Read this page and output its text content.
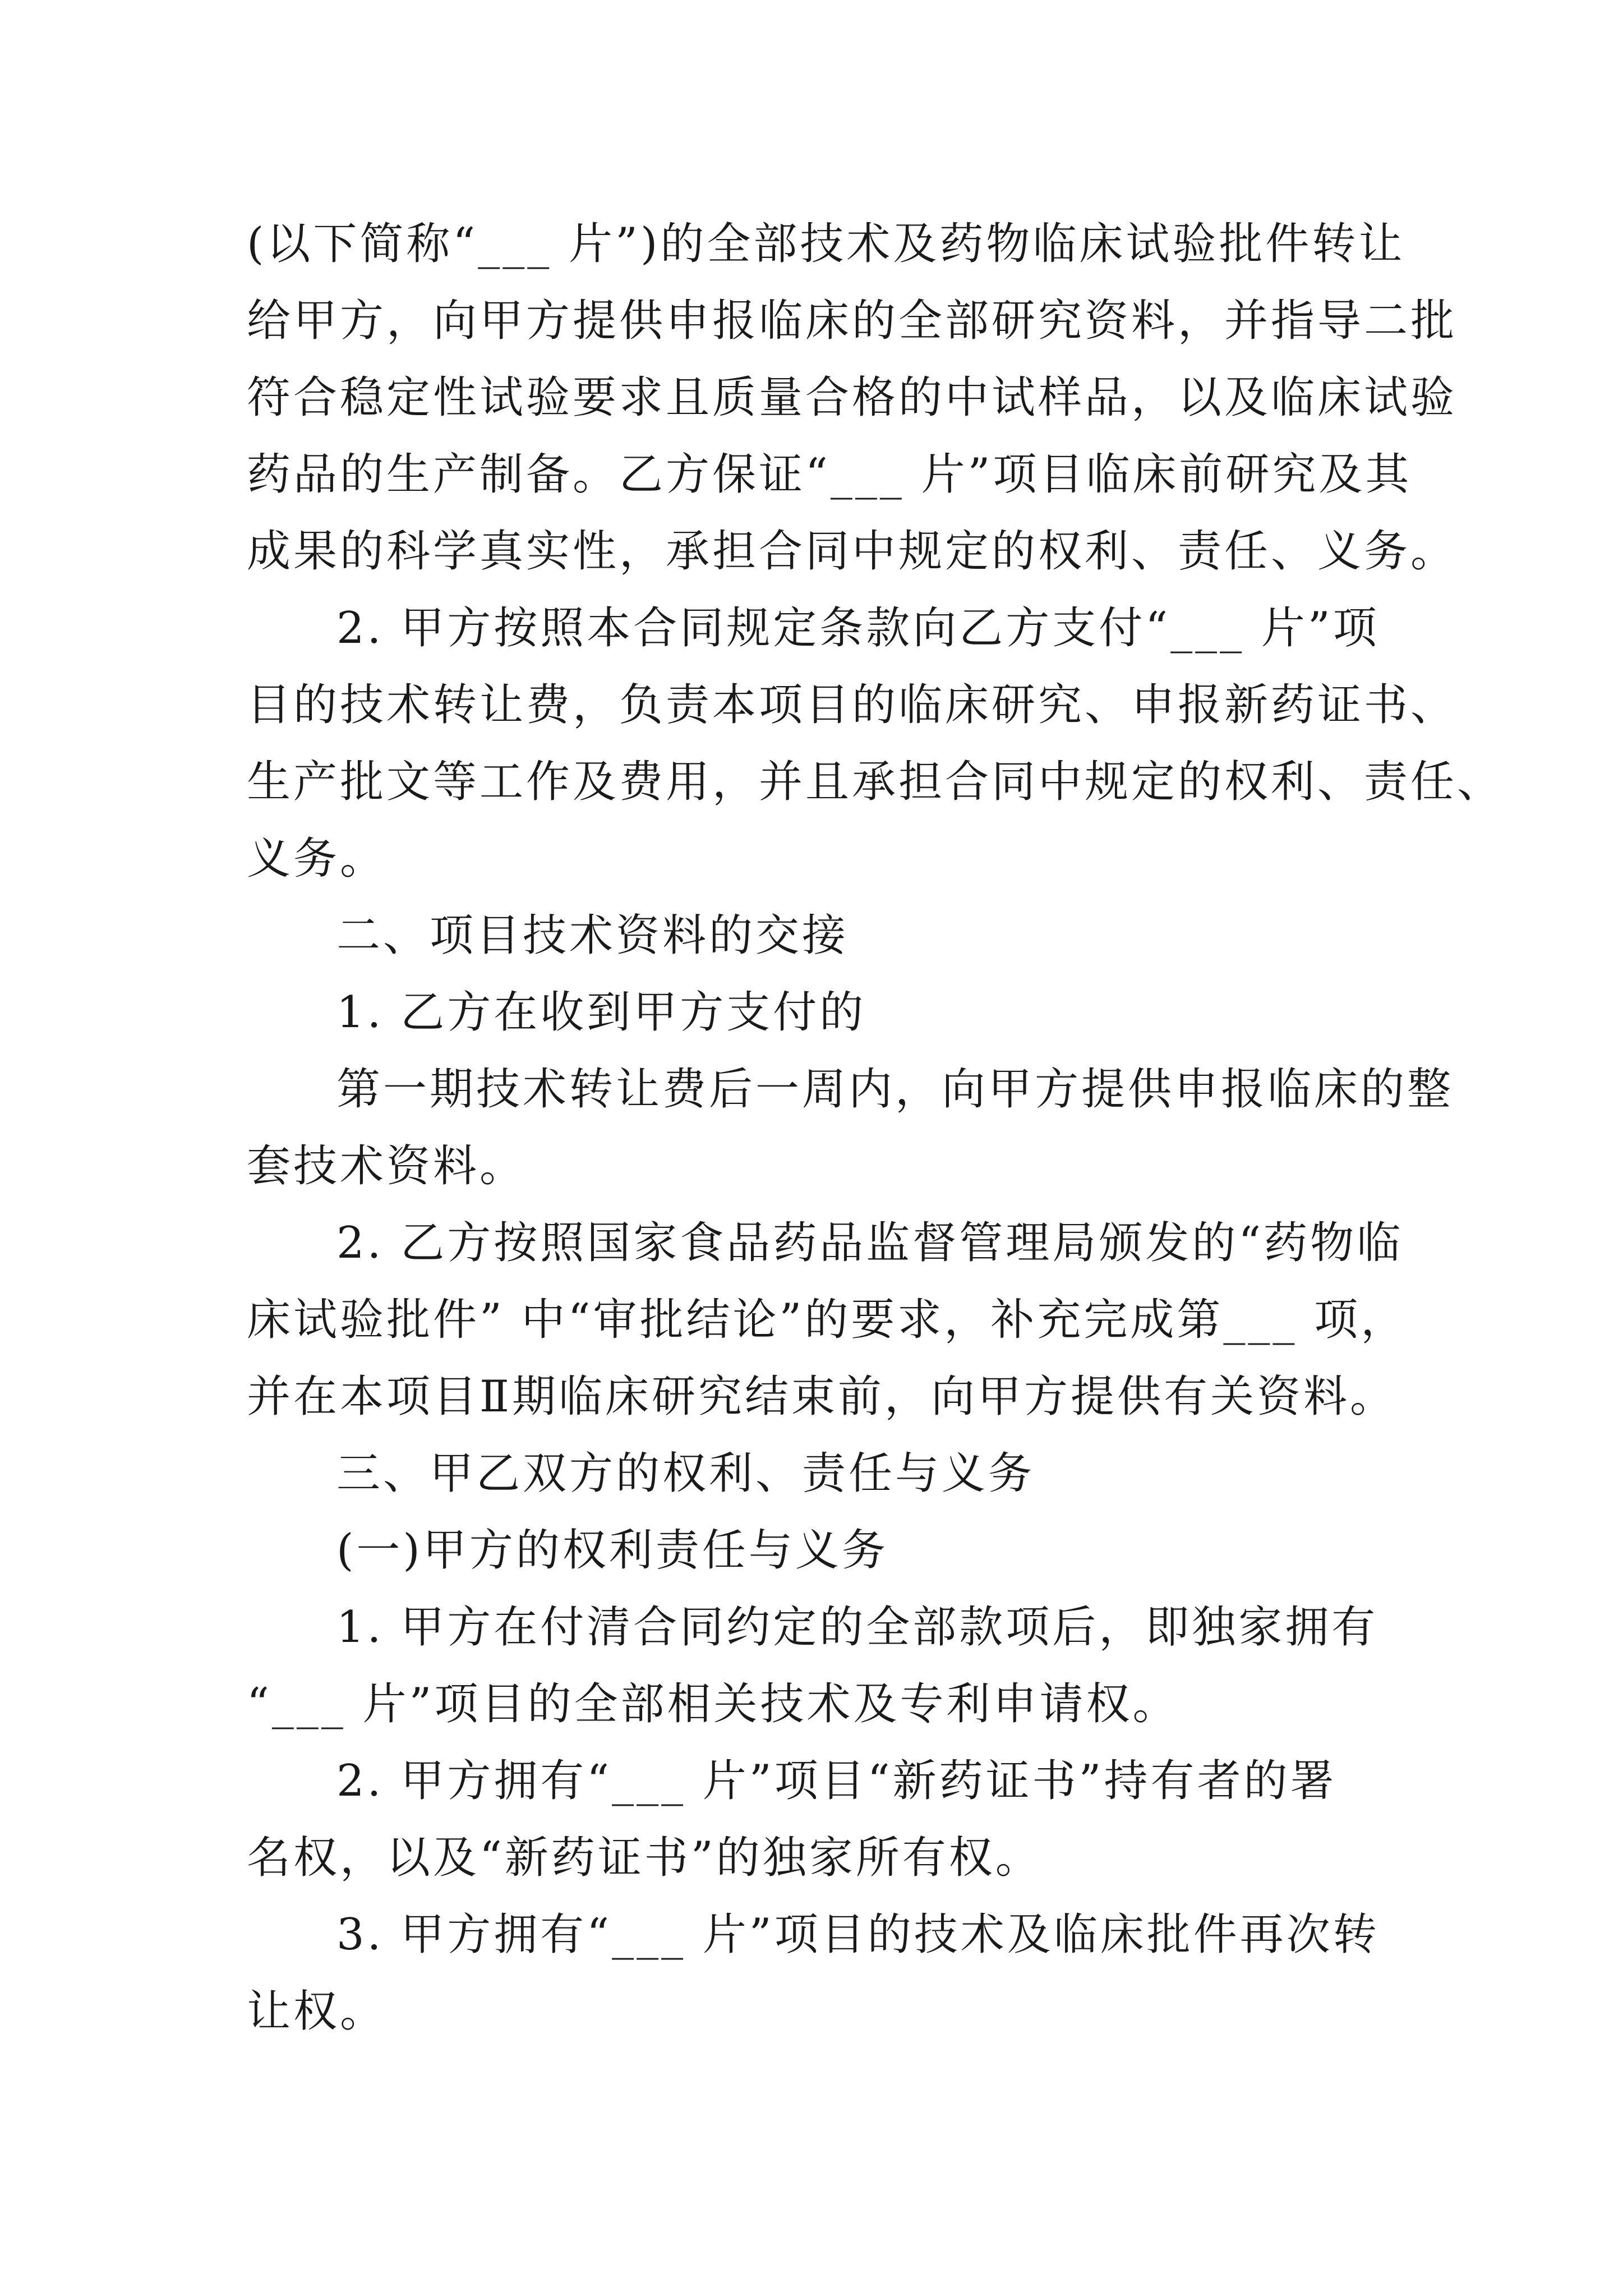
(以下简称“___ 片”)的全部技术及药物临床试验批件转让

给甲方，向甲方提供申报临床的全部研究资料，并指导二批

符合稳定性试验要求且质量合格的中试样品，以及临床试验

药品的生产制备。乙方保证“___ 片”项目临床前研究及其

成果的科学真实性，承担合同中规定的权利、责任、义务。

2. 甲方按照本合同规定条款向乙方支付“___ 片”项

目的技术转让费，负责本项目的临床研究、申报新药证书、

生产批文等工作及费用，并且承担合同中规定的权利、责任、

义务。

二、项目技术资料的交接

1. 乙方在收到甲方支付的

第一期技术转让费后一周内，向甲方提供申报临床的整

套技术资料。

2. 乙方按照国家食品药品监督管理局颁发的“药物临

床试验批件” 中“审批结论”的要求，补充完成第___ 项，

并在本项目Ⅱ期临床研究结束前，向甲方提供有关资料。

三、甲乙双方的权利、责任与义务

(一)甲方的权利责任与义务

1. 甲方在付清合同约定的全部款项后，即独家拥有

“___ 片”项目的全部相关技术及专利申请权。

2. 甲方拥有“___ 片”项目“新药证书”持有者的署

名权，以及“新药证书”的独家所有权。

3. 甲方拥有“___ 片”项目的技术及临床批件再次转

让权。
